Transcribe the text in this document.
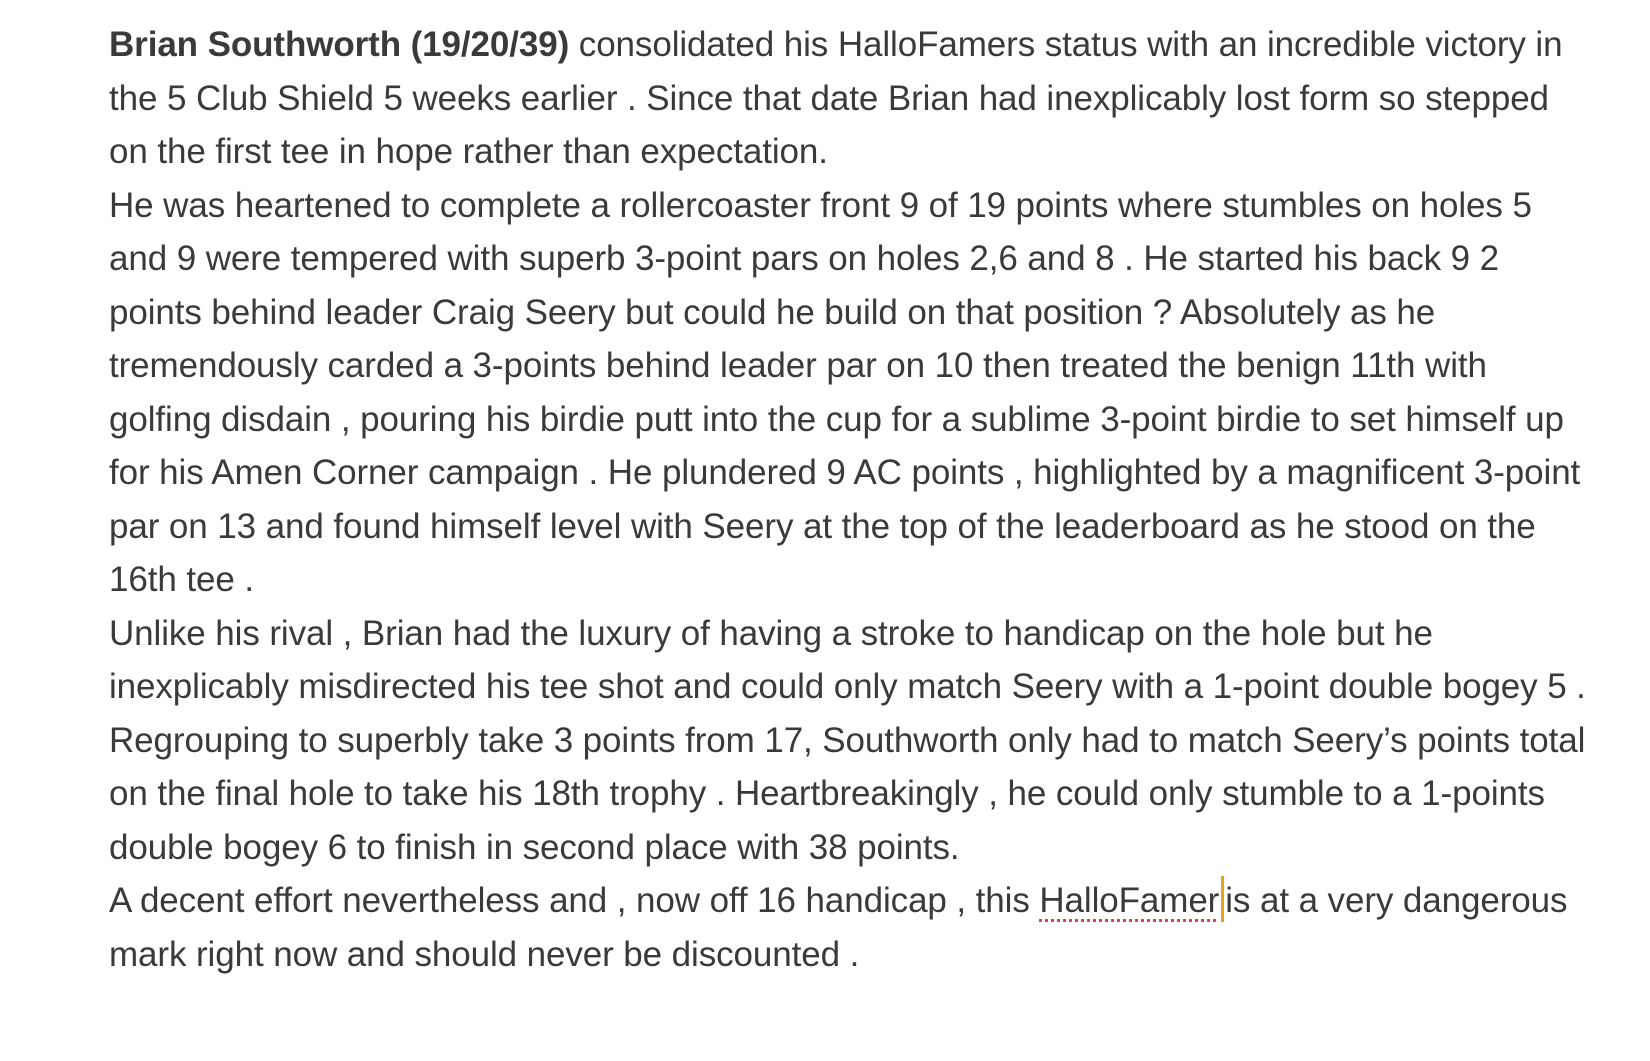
Brian Southworth (19/20/39) consolidated his HalloFamers status with an incredible victory in the 5 Club Shield 5 weeks earlier . Since that date Brian had inexplicably lost form so stepped on the first tee in hope rather than expectation.

He was heartened to complete a rollercoaster front 9 of 19 points where stumbles on holes 5 and 9 were tempered with superb 3-point pars on holes 2,6 and 8 . He started his back 9 2 points behind leader Craig Seery but could he build on that position ? Absolutely as he tremendously carded a 3-points behind leader par on 10 then treated the benign 11th with golfing disdain , pouring his birdie putt into the cup for a sublime 3-point birdie to set himself up for his Amen Corner campaign . He plundered 9 AC points , highlighted by a magnificent 3-point par on 13 and found himself level with Seery at the top of the leaderboard as he stood on the 16th tee .

Unlike his rival , Brian had the luxury of having a stroke to handicap on the hole but he inexplicably misdirected his tee shot and could only match Seery with a 1-point double bogey 5 . Regrouping to superbly take 3 points from 17, Southworth only had to match Seery’s points total on the final hole to take his 18th trophy . Heartbreakingly , he could only stumble to a 1-points double bogey 6 to finish in second place with 38 points.

A decent effort nevertheless and , now off 16 handicap , this HalloFamer is at a very dangerous mark right now and should never be discounted .
